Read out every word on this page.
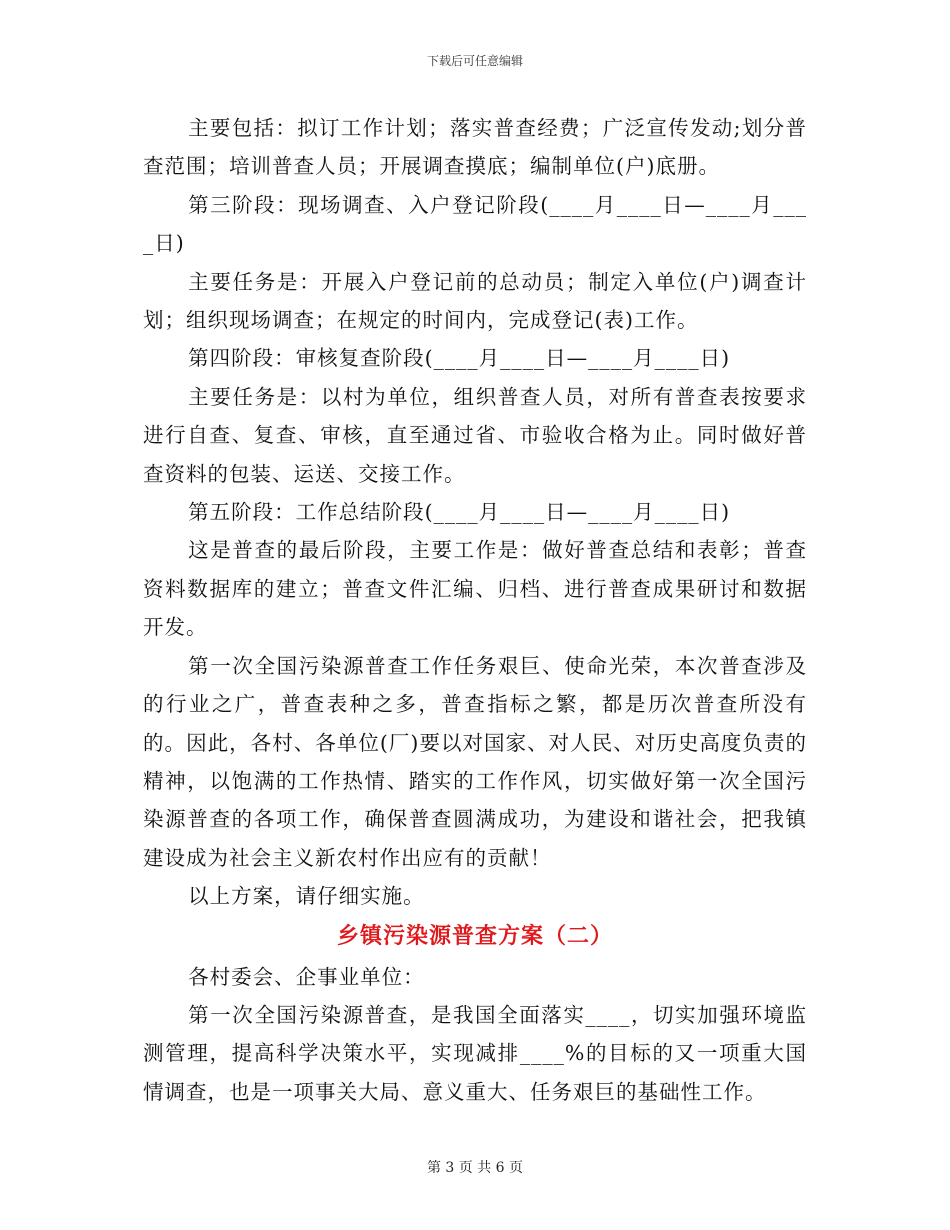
下载后可任意编辑

主要包括：拟订工作计划；落实普查经费；广泛宣传发动;划分普查范围；培训普查人员；开展调查摸底；编制单位(户)底册。

第三阶段：现场调查、入户登记阶段(____月____日—____月____日)

主要任务是：开展入户登记前的总动员；制定入单位(户)调查计划；组织现场调查；在规定的时间内，完成登记(表)工作。

第四阶段：审核复查阶段(____月____日—____月____日)

主要任务是：以村为单位，组织普查人员，对所有普查表按要求进行自查、复查、审核，直至通过省、市验收合格为止。同时做好普查资料的包装、运送、交接工作。

第五阶段：工作总结阶段(____月____日—____月____日)

这是普查的最后阶段，主要工作是：做好普查总结和表彰；普查资料数据库的建立；普查文件汇编、归档、进行普查成果研讨和数据开发。

第一次全国污染源普查工作任务艰巨、使命光荣，本次普查涉及的行业之广，普查表种之多，普查指标之繁，都是历次普查所没有的。因此，各村、各单位(厂)要以对国家、对人民、对历史高度负责的精神，以饱满的工作热情、踏实的工作作风，切实做好第一次全国污染源普查的各项工作，确保普查圆满成功，为建设和谐社会，把我镇建设成为社会主义新农村作出应有的贡献！

以上方案，请仔细实施。

乡镇污染源普查方案（二）

各村委会、企事业单位：

第一次全国污染源普查，是我国全面落实____，切实加强环境监测管理，提高科学决策水平，实现减排____%的目标的又一项重大国情调查，也是一项事关大局、意义重大、任务艰巨的基础性工作。

第 3 页 共 6 页
